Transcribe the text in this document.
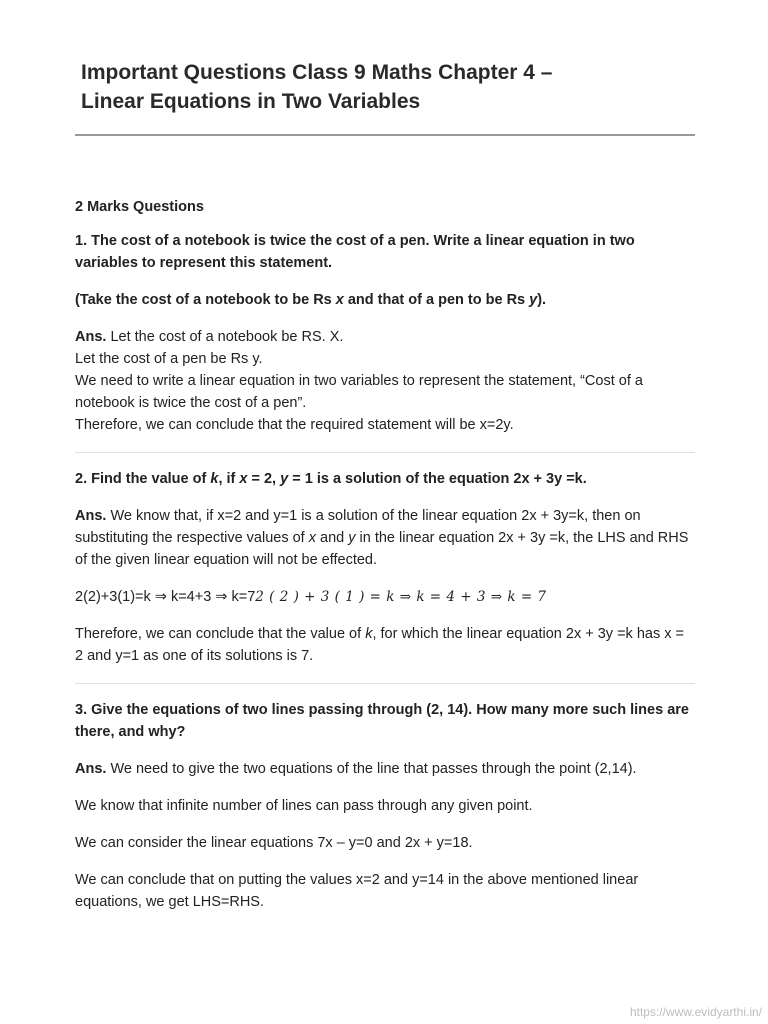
Important Questions Class 9 Maths Chapter 4 –
Linear Equations in Two Variables

2 Marks Questions

1. The cost of a notebook is twice the cost of a pen. Write a linear equation in two variables to represent this statement.

(Take the cost of a notebook to be Rs x and that of a pen to be Rs y).

Ans. Let the cost of a notebook be RS. X.
Let the cost of a pen be Rs y.
We need to write a linear equation in two variables to represent the statement, “Cost of a notebook is twice the cost of a pen”.
Therefore, we can conclude that the required statement will be x=2y.

2. Find the value of k, if x = 2, y = 1 is a solution of the equation 2x + 3y =k.

Ans. We know that, if x=2 and y=1 is a solution of the linear equation 2x + 3y=k, then on substituting the respective values of x and y in the linear equation 2x + 3y =k, the LHS and RHS of the given linear equation will not be effected.

2(2)+3(1)=k ⇒ k=4+3 ⇒ k=72 ( 2 ) + 3 ( 1 ) = k ⇒ k = 4 + 3 ⇒ k = 7

Therefore, we can conclude that the value of k, for which the linear equation 2x + 3y =k has x = 2 and y=1 as one of its solutions is 7.

3. Give the equations of two lines passing through (2, 14). How many more such lines are there, and why?

Ans. We need to give the two equations of the line that passes through the point (2,14).

We know that infinite number of lines can pass through any given point.

We can consider the linear equations 7x – y=0 and 2x + y=18.

We can conclude that on putting the values x=2 and y=14 in the above mentioned linear equations, we get LHS=RHS.

https://www.evidyarthi.in/
